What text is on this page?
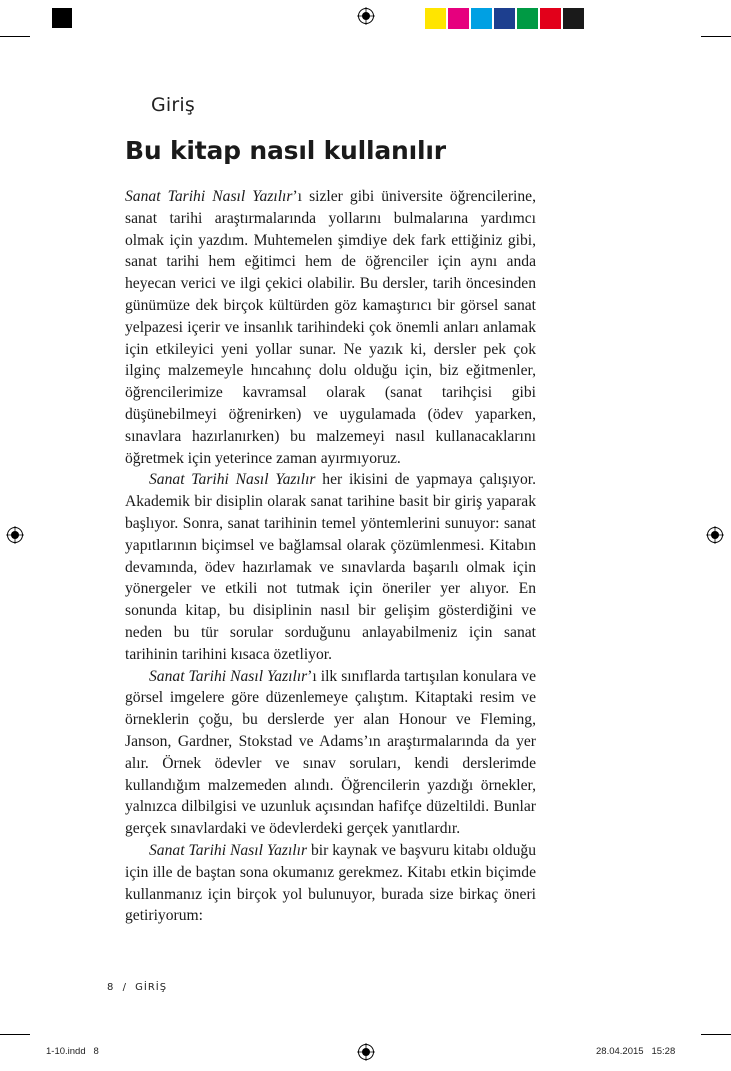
Giriş
Bu kitap nasıl kullanılır

Sanat Tarihi Nasıl Yazılır’ı sizler gibi üniversite öğrencilerine, sanat tarihi araştırmalarında yollarını bulmalarına yardımcı olmak için yazdım. Muhtemelen şimdiye dek fark ettiğiniz gibi, sanat tarihi hem eğitimci hem de öğrenciler için aynı anda heyecan verici ve ilgi çekici olabilir. Bu dersler, tarih öncesinden günümüze dek birçok kültürden göz kamaştırıcı bir görsel sanat yelpazesi içerir ve insanlık tarihindeki çok önemli anları anlamak için etkileyici yeni yollar sunar. Ne yazık ki, dersler pek çok ilginç malzemeyle hıncahınç dolu olduğu için, biz eğitmenler, öğrencilerimize kavramsal olarak (sanat tarihçisi gibi düşünebilmeyi öğrenirken) ve uygulamada (ödev yaparken, sınavlara hazırlanırken) bu malzemeyi nasıl kullanacaklarını öğretmek için yeterince zaman ayırmıyoruz.

Sanat Tarihi Nasıl Yazılır her ikisini de yapmaya çalışıyor. Akademik bir disiplin olarak sanat tarihine basit bir giriş yaparak başlıyor. Sonra, sanat tarihinin temel yöntemlerini sunuyor: sanat yapıtlarının biçimsel ve bağlamsal olarak çözümlenmesi. Kitabın devamında, ödev hazırlamak ve sınavlarda başarılı olmak için yönergeler ve etkili not tutmak için öneriler yer alıyor. En sonunda kitap, bu disiplinin nasıl bir gelişim gösterdiğini ve neden bu tür sorular sorduğunu anlayabilmeniz için sanat tarihinin tarihini kısaca özetliyor.

Sanat Tarihi Nasıl Yazılır’ı ilk sınıflarda tartışılan konulara ve görsel imgelere göre düzenlemeye çalıştım. Kitaptaki resim ve örneklerin çoğu, bu derslerde yer alan Honour ve Fleming, Janson, Gardner, Stokstad ve Adams’ın araştırmalarında da yer alır. Örnek ödevler ve sınav soruları, kendi derslerimde kullandığım malzemeden alındı. Öğrencilerin yazdığı örnekler, yalnızca dilbilgisi ve uzunluk açısından hafifçe düzeltildi. Bunlar gerçek sınavlardaki ve ödevlerdeki gerçek yanıtlardır.

Sanat Tarihi Nasıl Yazılır bir kaynak ve başvuru kitabı olduğu için ille de baştan sona okumanız gerekmez. Kitabı etkin biçimde kullanmanız için birçok yol bulunuyor, burada size birkaç öneri getiriyorum:

8 / GİRİŞ
1-10.indd   8	28.04.2015   15:28
